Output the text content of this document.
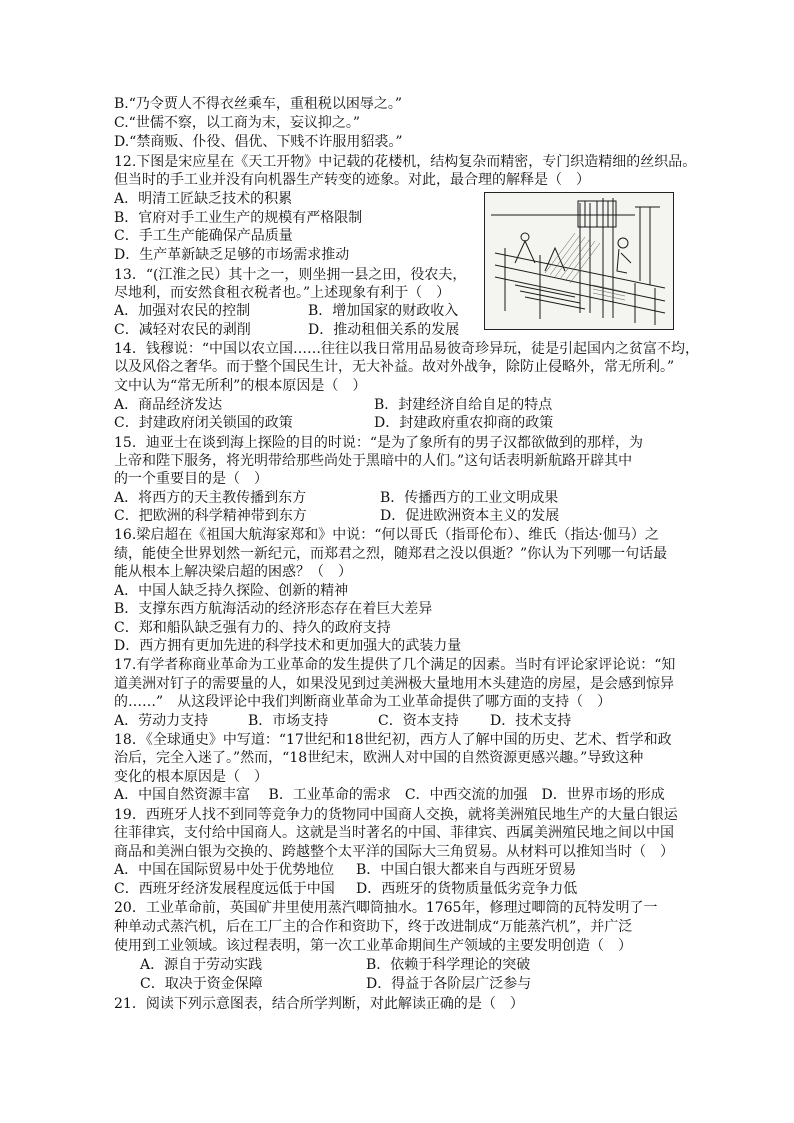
B.“乃令贾人不得衣丝乘车，重租税以困辱之。”
C.“世儒不察，以工商为末，妄议抑之。”
D.“禁商贩、仆役、倡优、下贱不许服用貂裘。”
12.下图是宋应星在《天工开物》中记载的花楼机，结构复杂而精密，专门织造精细的丝织品。
但当时的手工业并没有向机器生产转变的迹象。对此，最合理的解释是（　）
A．明清工匠缺乏技术的积累
B．官府对手工业生产的规模有严格限制
C．手工生产能确保产品质量
D．生产革新缺乏足够的市场需求推动
13．“(江淮之民）其十之一，则坐拥一县之田，役农夫，
尽地利，而安然食租衣税者也。”上述现象有利于（　）
A．加强对农民的控制	B．增加国家的财政收入
C．减轻对农民的剥削	D．推动租佃关系的发展
14．钱穆说：“中国以农立国……往往以我日常用品易彼奇珍异玩，徒是引起国内之贫富不均，
以及风俗之奢华。而于整个国民生计，无大补益。故对外战争，除防止侵略外，常无所利。”
文中认为“常无所利”的根本原因是（　）
A．商品经济发达	B．封建经济自给自足的特点
C．封建政府闭关锁国的政策	D．封建政府重农抑商的政策
15．迪亚士在谈到海上探险的目的时说：“是为了象所有的男子汉都欲做到的那样，为
上帝和陛下服务，将光明带给那些尚处于黑暗中的人们。”这句话表明新航路开辟其中
的一个重要目的是（　）
A．将西方的天主教传播到东方	B．传播西方的工业文明成果
C．把欧洲的科学精神带到东方	D．促进欧洲资本主义的发展
16.梁启超在《祖国大航海家郑和》中说：“何以哥氏（指哥伦布）、维氏（指达·伽马）之
绩，能使全世界划然一新纪元，而郑君之烈，随郑君之没以俱逝？”你认为下列哪一句话最
能从根本上解决梁启超的困惑？（　）
A．中国人缺乏持久探险、创新的精神
B．支撑东西方航海活动的经济形态存在着巨大差异
C．郑和船队缺乏强有力的、持久的政府支持
D．西方拥有更加先进的科学技术和更加强大的武装力量
17.有学者称商业革命为工业革命的发生提供了几个满足的因素。当时有评论家评论说：“知
道美洲对钉子的需要量的人，如果没见到过美洲极大量地用木头建造的房屋，是会感到惊异
的……”　从这段评论中我们判断商业革命为工业革命提供了哪方面的支持（　）
A．劳动力支持	B．市场支持	C．资本支持 D．技术支持
18．《全球通史》中写道：“17世纪和18世纪初，西方人了解中国的历史、艺术、哲学和政
治后，完全入迷了。”然而，“18世纪末，欧洲人对中国的自然资源更感兴趣。”导致这种
变化的根本原因是（　）
A．中国自然资源丰富　 B．工业革命的需求　C．中西交流的加强　D．世界市场的形成
19．西班牙人找不到同等竞争力的货物同中国商人交换，就将美洲殖民地生产的大量白银运
往菲律宾，支付给中国商人。这就是当时著名的中国、菲律宾、西属美洲殖民地之间以中国
商品和美洲白银为交换的、跨越整个太平洋的国际大三角贸易。从材料可以推知当时（　）
A．中国在国际贸易中处于优势地位 B．中国白银大都来自与西班牙贸易
C．西班牙经济发展程度远低于中国 D．西班牙的货物质量低劣竞争力低
20．工业革命前，英国矿井里使用蒸汽唧筒抽水。1765年，修理过唧筒的瓦特发明了一
种单动式蒸汽机，后在工厂主的合作和资助下，终于改进制成“万能蒸汽机”，并广泛
使用到工业领域。该过程表明，第一次工业革命期间生产领域的主要发明创造（　）
A．源自于劳动实践	B．依赖于科学理论的突破
C．取决于资金保障	D．得益于各阶层广泛参与
21．阅读下列示意图表，结合所学判断，对此解读正确的是（　）
